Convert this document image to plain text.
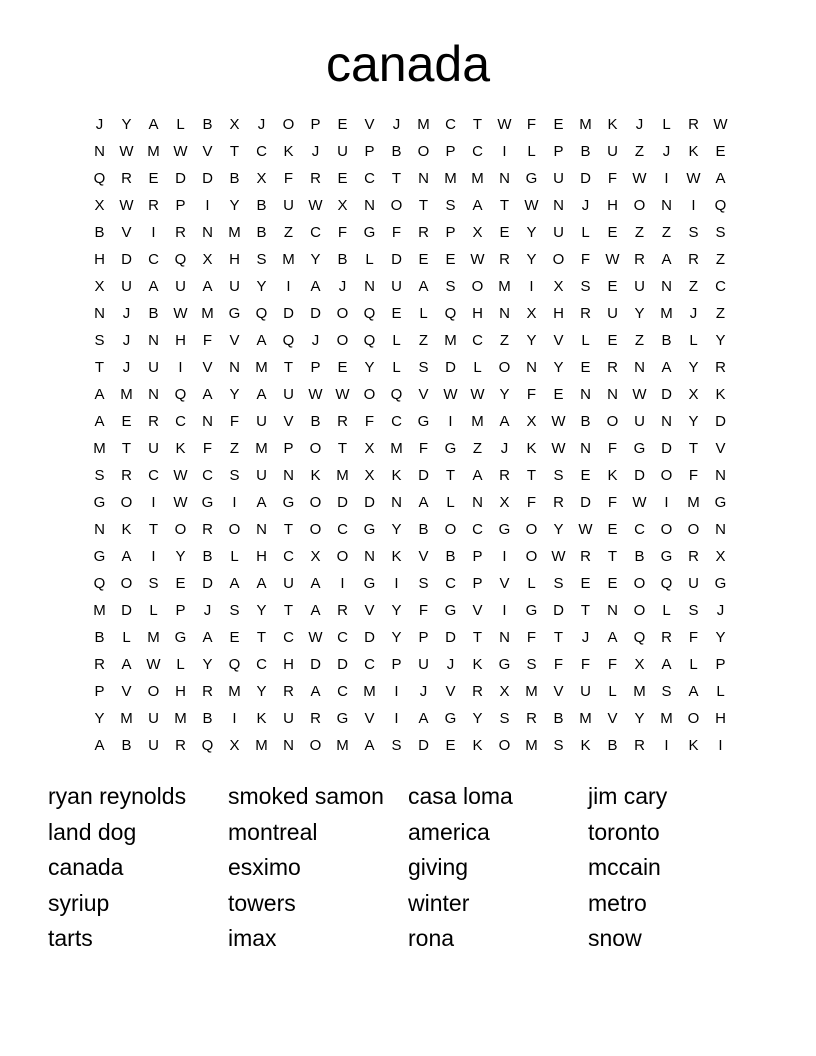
canada
J	Y	A	L	B	X	J	O	P	E	V	J	M	C	T	W	F	E	M	K	J	L	R W
N W M W V	T	C	K	J	U	P	B	O	P	C	I	L	P	B	U	Z	J	K	E
Q	R	E	D	D	B	X	F	R	E	C	T	N	M M	N	G	U	D	F	W	I	W A
X W R	P	I	Y	B	U W X	N	O	T	S	A	T	W N	J	H	O	N	I	Q
B	V	I	R	N	M	B	Z	C	F	G	F	R	P	X	E	Y	U	L	E	Z	Z	S	S
H	D	C	Q	X	H	S	M	Y	B	L	D	E	E W R	Y	O	F	W R	A	R	Z
X	U	A	U	A	U	Y	I	A	J	N	U	A	S	O M	I	X	S	E	U	N	Z	C
N	J	B W M G	Q	D	D	O	Q	E	L	Q	H	N	X	H	R	U	Y	M	J	Z
S	J	N	H	F	V	A	Q	J	O	Q	L	Z	M	C	Z	Y	V	L	E	Z	B	L	Y
T	J	U	I	V	N	M	T	P	E	Y	L	S	D	L	O	N	Y	E	R	N	A	Y	R
A	M	N	Q	A	Y	A	U W W O	Q	V W W Y	F	E	N	N W D	X	K
A	E	R	C	N	F	U	V	B	R	F	C	G	I	M	A	X W B	O	U	N	Y	D
M	T	U	K	F	Z	M	P	O	T	X	M	F	G	Z	J	K W N	F	G	D	T	V
S	R	C W C	S	U	N	K	M	X	K	D	T	A	R	T	S	E	K	D	O	F	N
G	O	I	W G	I	A	G	O	D	D	N	A	L	N	X	F	R	D	F	W	I	M G
N	K	T	O	R	O	N	T	O	C	G	Y	B	O	C	G	O	Y W E	C	O	O	N
G	A	I	Y	B	L	H	C	X	O	N	K	V	B	P	I	O W R	T	B	G	R	X
Q	O	S	E	D	A	A	U	A	I	G	I	S	C	P	V	L	S	E	E	O	Q	U	G
M	D	L	P	J	S	Y	T	A	R	V	Y	F	G	V	I	G	D	T	N	O	L	S	J
B	L	M G	A	E	T	C W C	D	Y	P	D	T	N	F	T	J	A	Q	R	F	Y
R	A W	L	Y	Q	C	H	D	D	C	P	U	J	K	G	S	F	F	F	X	A	L	P
P	V	O	H	R	M	Y	R	A	C	M	I	J	V	R	X	M	V	U	L	M	S	A	L
Y	M	U	M	B	I	K	U	R	G	V	I	A	G	Y	S	R	B	M	V	Y	M O	H
A	B	U	R	Q	X	M	N	O M	A	S	D	E	K	O M	S	K	B	R	I	K	I
ryan reynolds
land dog
canada
syriup
tarts
smoked samon
montreal
esximo
towers
imax
casa loma
america
giving
winter
rona
jim cary
toronto
mccain
metro
snow
